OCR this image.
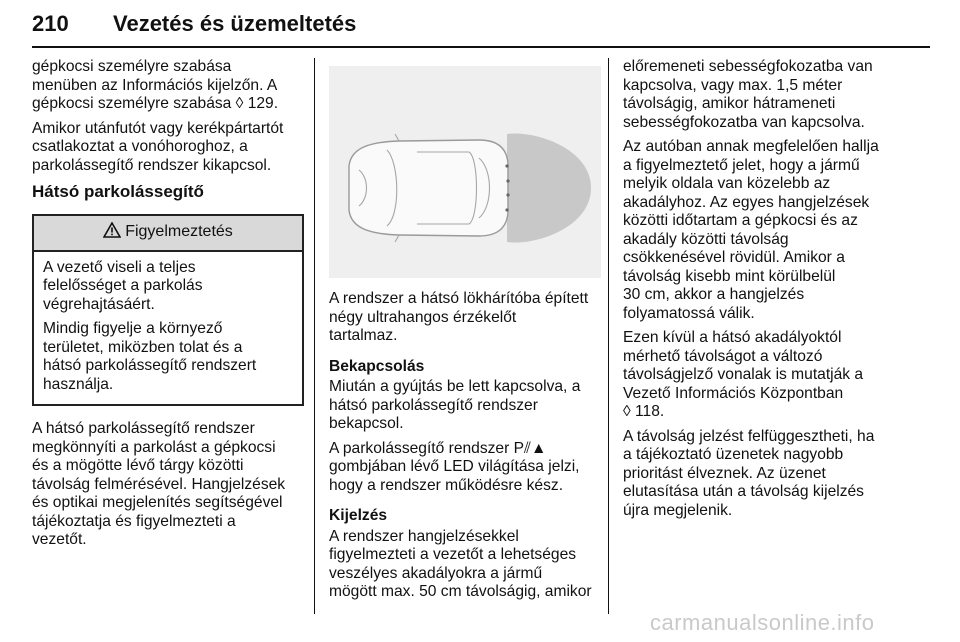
210 Vezetés és üzemeltetés

gépkocsi személyre szabása
menüben az Információs kijelzőn. A
gépkocsi személyre szabása ◊ 129.

Amikor utánfutót vagy kerékpártartót
csatlakoztat a vonóhoroghoz, a
parkolássegítő rendszer kikapcsol.

Hátsó parkolássegítő

Figyelmeztetés

A vezető viseli a teljes
felelősséget a parkolás
végrehajtásáért.

Mindig figyelje a környező
területet, miközben tolat és a
hátsó parkolássegítő rendszert
használja.

A hátsó parkolássegítő rendszer
megkönnyíti a parkolást a gépkocsi
és a mögötte lévő tárgy közötti
távolság felmérésével. Hangjelzések
és optikai megjelenítés segítségével
tájékoztatja és figyelmezteti a
vezetőt.

A rendszer a hátsó lökhárítóba épített
négy ultrahangos érzékelőt
tartalmaz.

Bekapcsolás

Miután a gyújtás be lett kapcsolva, a
hátsó parkolássegítő rendszer
bekapcsol.

A parkolássegítő rendszer P⫽▲
gombjában lévő LED világítása jelzi,
hogy a rendszer működésre kész.

Kijelzés

A rendszer hangjelzésekkel
figyelmezteti a vezetőt a lehetséges
veszélyes akadályokra a jármű
mögött max. 50 cm távolságig, amikor

előremeneti sebességfokozatba van
kapcsolva, vagy max. 1,5 méter
távolságig, amikor hátrameneti
sebességfokozatba van kapcsolva.

Az autóban annak megfelelően hallja
a figyelmeztető jelet, hogy a jármű
melyik oldala van közelebb az
akadályhoz. Az egyes hangjelzések
közötti időtartam a gépkocsi és az
akadály közötti távolság
csökkenésével rövidül. Amikor a
távolság kisebb mint körülbelül
30 cm, akkor a hangjelzés
folyamatossá válik.

Ezen kívül a hátsó akadályoktól
mérhető távolságot a változó
távolságjelző vonalak is mutatják a
Vezető Információs Központban
◊ 118.

A távolság jelzést felfüggesztheti, ha
a tájékoztató üzenetek nagyobb
prioritást élveznek. Az üzenet
elutasítása után a távolság kijelzés
újra megjelenik.

carmanualsonline.info
